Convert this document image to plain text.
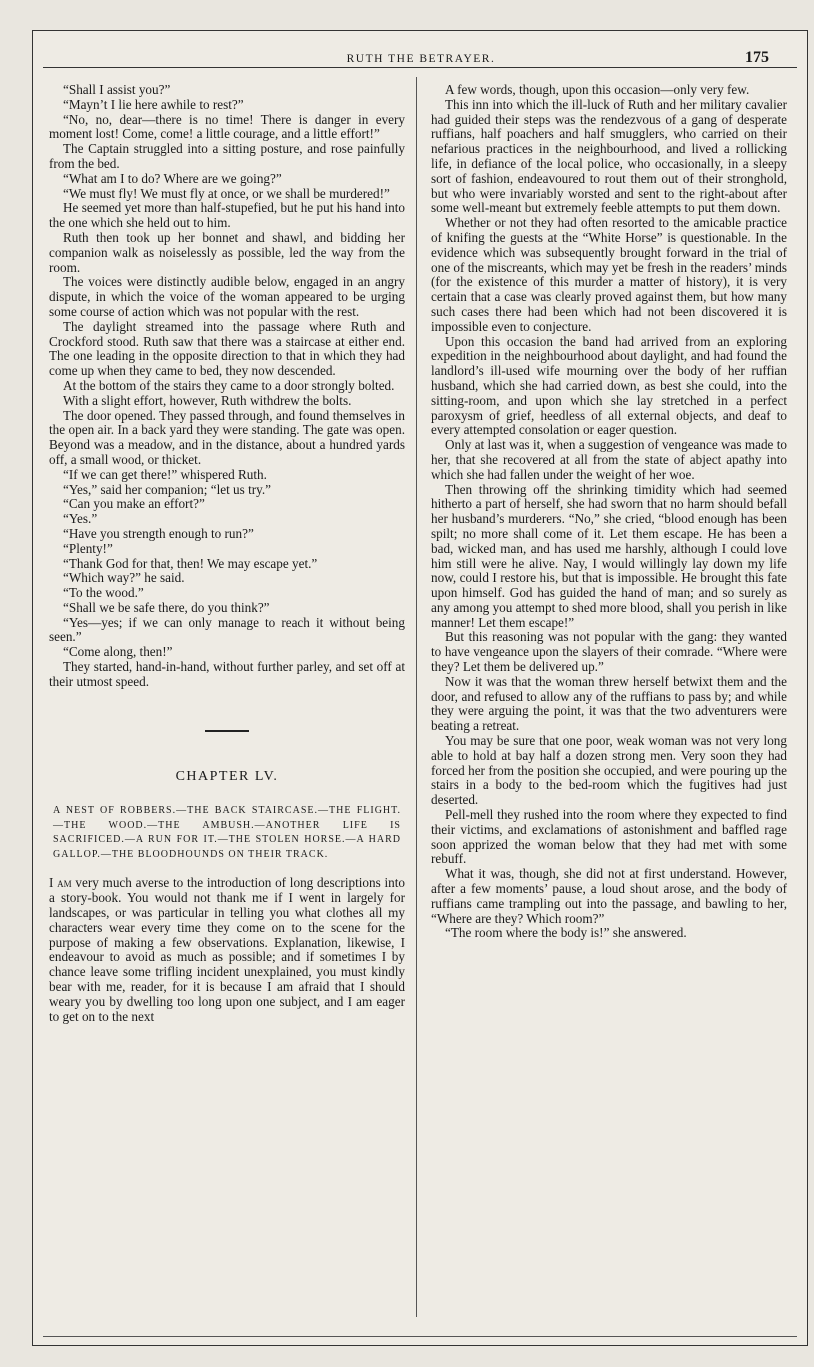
RUTH THE BETRAYER.	175

“Shall I assist you?”

“Mayn’t I lie here awhile to rest?”

“No, no, dear—there is no time! There is danger in every moment lost! Come, come! a little courage, and a little effort!”

The Captain struggled into a sitting posture, and rose painfully from the bed.

“What am I to do? Where are we going?”

“We must fly! We must fly at once, or we shall be murdered!”

He seemed yet more than half-stupefied, but he put his hand into the one which she held out to him.

Ruth then took up her bonnet and shawl, and bidding her companion walk as noiselessly as possible, led the way from the room.

The voices were distinctly audible below, engaged in an angry dispute, in which the voice of the woman appeared to be urging some course of action which was not popular with the rest.

The daylight streamed into the passage where Ruth and Crockford stood. Ruth saw that there was a staircase at either end. The one leading in the opposite direction to that in which they had come up when they came to bed, they now descended.

At the bottom of the stairs they came to a door strongly bolted.

With a slight effort, however, Ruth withdrew the bolts.

The door opened. They passed through, and found themselves in the open air. In a back yard they were standing. The gate was open. Beyond was a meadow, and in the distance, about a hundred yards off, a small wood, or thicket.

“If we can get there!” whispered Ruth.

“Yes,” said her companion; “let us try.”

“Can you make an effort?”

“Yes.”

“Have you strength enough to run?”

“Plenty!”

“Thank God for that, then! We may escape yet.”

“Which way?” he said.

“To the wood.”

“Shall we be safe there, do you think?”

“Yes—yes; if we can only manage to reach it without being seen.”

“Come along, then!”

They started, hand-in-hand, without further parley, and set off at their utmost speed.

CHAPTER LV.
A NEST OF ROBBERS.—THE BACK STAIRCASE.—THE FLIGHT.—THE WOOD.—THE AMBUSH.—ANOTHER LIFE IS SACRIFICED.—A RUN FOR IT.—THE STOLEN HORSE.—A HARD GALLOP.—THE BLOODHOUNDS ON THEIR TRACK.

I am very much averse to the introduction of long descriptions into a story-book. You would not thank me if I went in largely for landscapes, or was particular in telling you what clothes all my characters wear every time they come on to the scene for the purpose of making a few observations. Explanation, likewise, I endeavour to avoid as much as possible; and if sometimes I by chance leave some trifling incident unexplained, you must kindly bear with me, reader, for it is because I am afraid that I should weary you by dwelling too long upon one subject, and I am eager to get on to the next

A few words, though, upon this occasion—only very few.

This inn into which the ill-luck of Ruth and her military cavalier had guided their steps was the rendezvous of a gang of desperate ruffians, half poachers and half smugglers, who carried on their nefarious practices in the neighbourhood, and lived a rollicking life, in defiance of the local police, who occasionally, in a sleepy sort of fashion, endeavoured to rout them out of their stronghold, but who were invariably worsted and sent to the right-about after some well-meant but extremely feeble attempts to put them down.

Whether or not they had often resorted to the amicable practice of knifing the guests at the “White Horse” is questionable. In the evidence which was subsequently brought forward in the trial of one of the miscreants, which may yet be fresh in the readers’ minds (for the existence of this murder a matter of history), it is very certain that a case was clearly proved against them, but how many such cases there had been which had not been discovered it is impossible even to conjecture.

Upon this occasion the band had arrived from an exploring expedition in the neighbourhood about daylight, and had found the landlord’s ill-used wife mourning over the body of her ruffian husband, which she had carried down, as best she could, into the sitting-room, and upon which she lay stretched in a perfect paroxysm of grief, heedless of all external objects, and deaf to every attempted consolation or eager question.

Only at last was it, when a suggestion of vengeance was made to her, that she recovered at all from the state of abject apathy into which she had fallen under the weight of her woe.

Then throwing off the shrinking timidity which had seemed hitherto a part of herself, she had sworn that no harm should befall her husband’s murderers. “No,” she cried, “blood enough has been spilt; no more shall come of it. Let them escape. He has been a bad, wicked man, and has used me harshly, although I could love him still were he alive. Nay, I would willingly lay down my life now, could I restore his, but that is impossible. He brought this fate upon himself. God has guided the hand of man; and so surely as any among you attempt to shed more blood, shall you perish in like manner! Let them escape!”

But this reasoning was not popular with the gang: they wanted to have vengeance upon the slayers of their comrade. “Where were they? Let them be delivered up.”

Now it was that the woman threw herself betwixt them and the door, and refused to allow any of the ruffians to pass by; and while they were arguing the point, it was that the two adventurers were beating a retreat.

You may be sure that one poor, weak woman was not very long able to hold at bay half a dozen strong men. Very soon they had forced her from the position she occupied, and were pouring up the stairs in a body to the bed-room which the fugitives had just deserted.

Pell-mell they rushed into the room where they expected to find their victims, and exclamations of astonishment and baffled rage soon apprized the woman below that they had met with some rebuff.

What it was, though, she did not at first understand. However, after a few moments’ pause, a loud shout arose, and the body of ruffians came trampling out into the passage, and bawling to her, “Where are they? Which room?”

“The room where the body is!” she answered.
